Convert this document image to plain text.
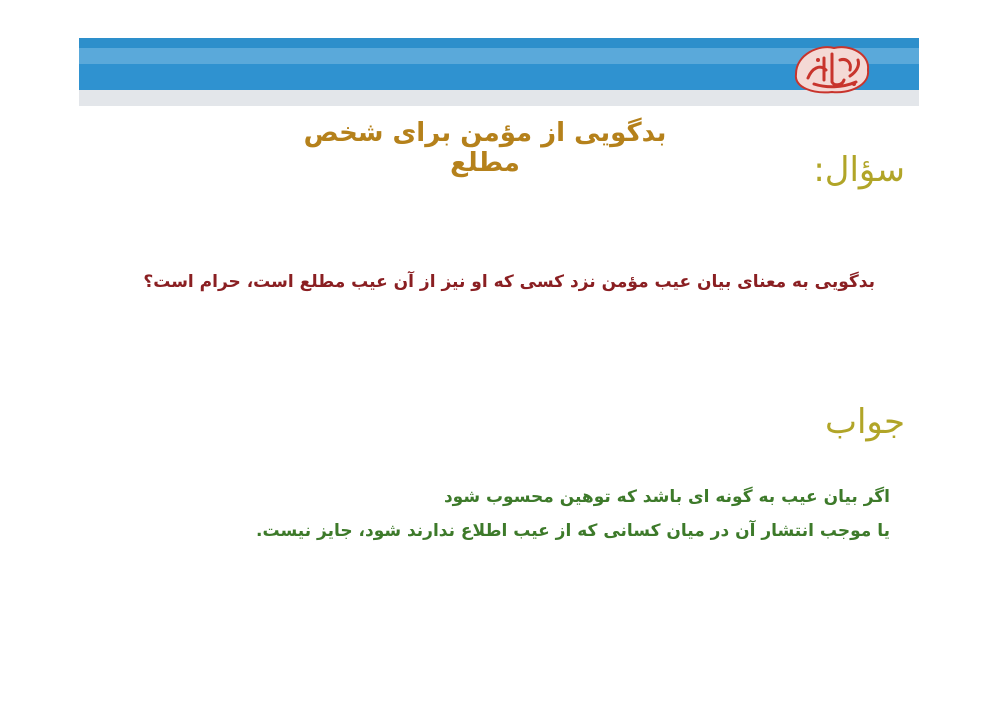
بدگویی از مؤمن برای شخص مطلع	سؤال:
بدگویی به معنای بیان عیب مؤمن نزد کسی که او نیز از آن عیب مطلع است، حرام است؟
جواب
اگر بیان عیب به گونه ای باشد که توهین محسوب شود
یا موجب انتشار آن در میان کسانی که از عیب اطلاع ندارند شود، جایز نیست.
